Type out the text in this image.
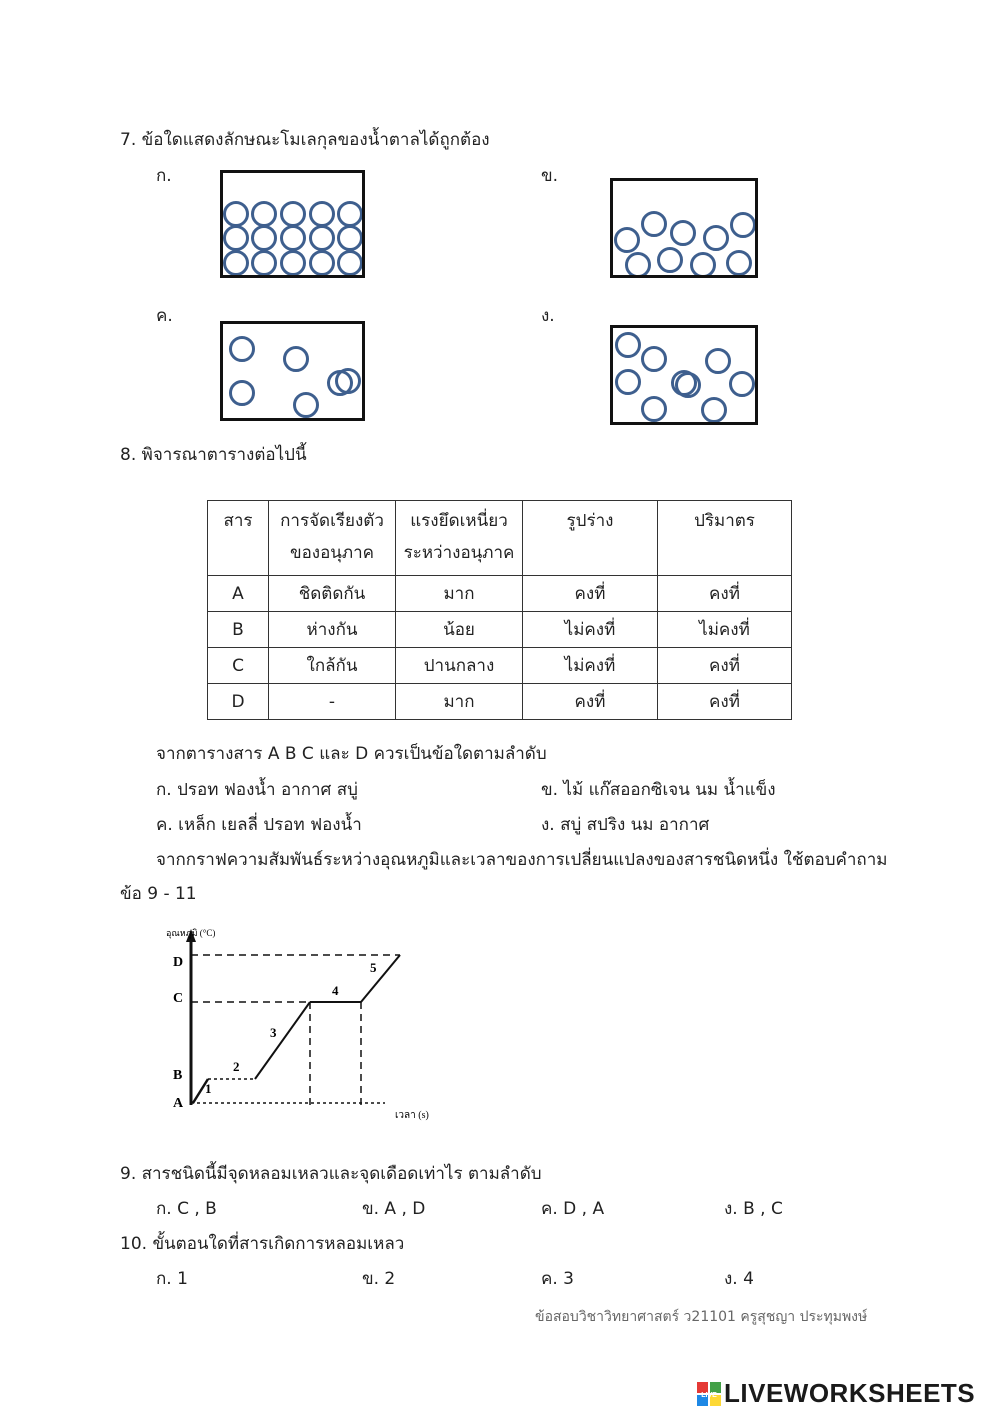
7. ข้อใดแสดงลักษณะโมเลกุลของน้ำตาลได้ถูกต้อง
ก.	ข.
ค.	ง.
8. พิจารณาตารางต่อไปนี้
สาร	การจัดเรียงตัวของอนุภาค	แรงยึดเหนี่ยวระหว่างอนุภาค	รูปร่าง	ปริมาตร
A	ชิดติดกัน	มาก	คงที่	คงที่
B	ห่างกัน	น้อย	ไม่คงที่	ไม่คงที่
C	ใกล้กัน	ปานกลาง	ไม่คงที่	คงที่
D	-	มาก	คงที่	คงที่
จากตารางสาร A B C และ D ควรเป็นข้อใดตามลำดับ
ก. ปรอท ฟองน้ำ อากาศ สบู่	ข. ไม้ แก๊สออกซิเจน นม น้ำแข็ง
ค. เหล็ก เยลลี่ ปรอท ฟองน้ำ	ง. สบู่ สปริง นม อากาศ
จากกราฟความสัมพันธ์ระหว่างอุณหภูมิและเวลาของการเปลี่ยนแปลงของสารชนิดหนึ่ง ใช้ตอบคำถาม
ข้อ 9 - 11
อุณหภูมิ (°C)
เวลา (s)
A
B
C
D
1
2
3
4
5
9. สารชนิดนี้มีจุดหลอมเหลวและจุดเดือดเท่าไร ตามลำดับ
ก. C , B	ข. A , D	ค. D , A	ง. B , C
10. ขั้นตอนใดที่สารเกิดการหลอมเหลว
ก. 1	ข. 2	ค. 3	ง. 4
ข้อสอบวิชาวิทยาศาสตร์ ว21101 ครูสุชญา ประทุมพงษ์
LIVE LIVEWORKSHEETS
